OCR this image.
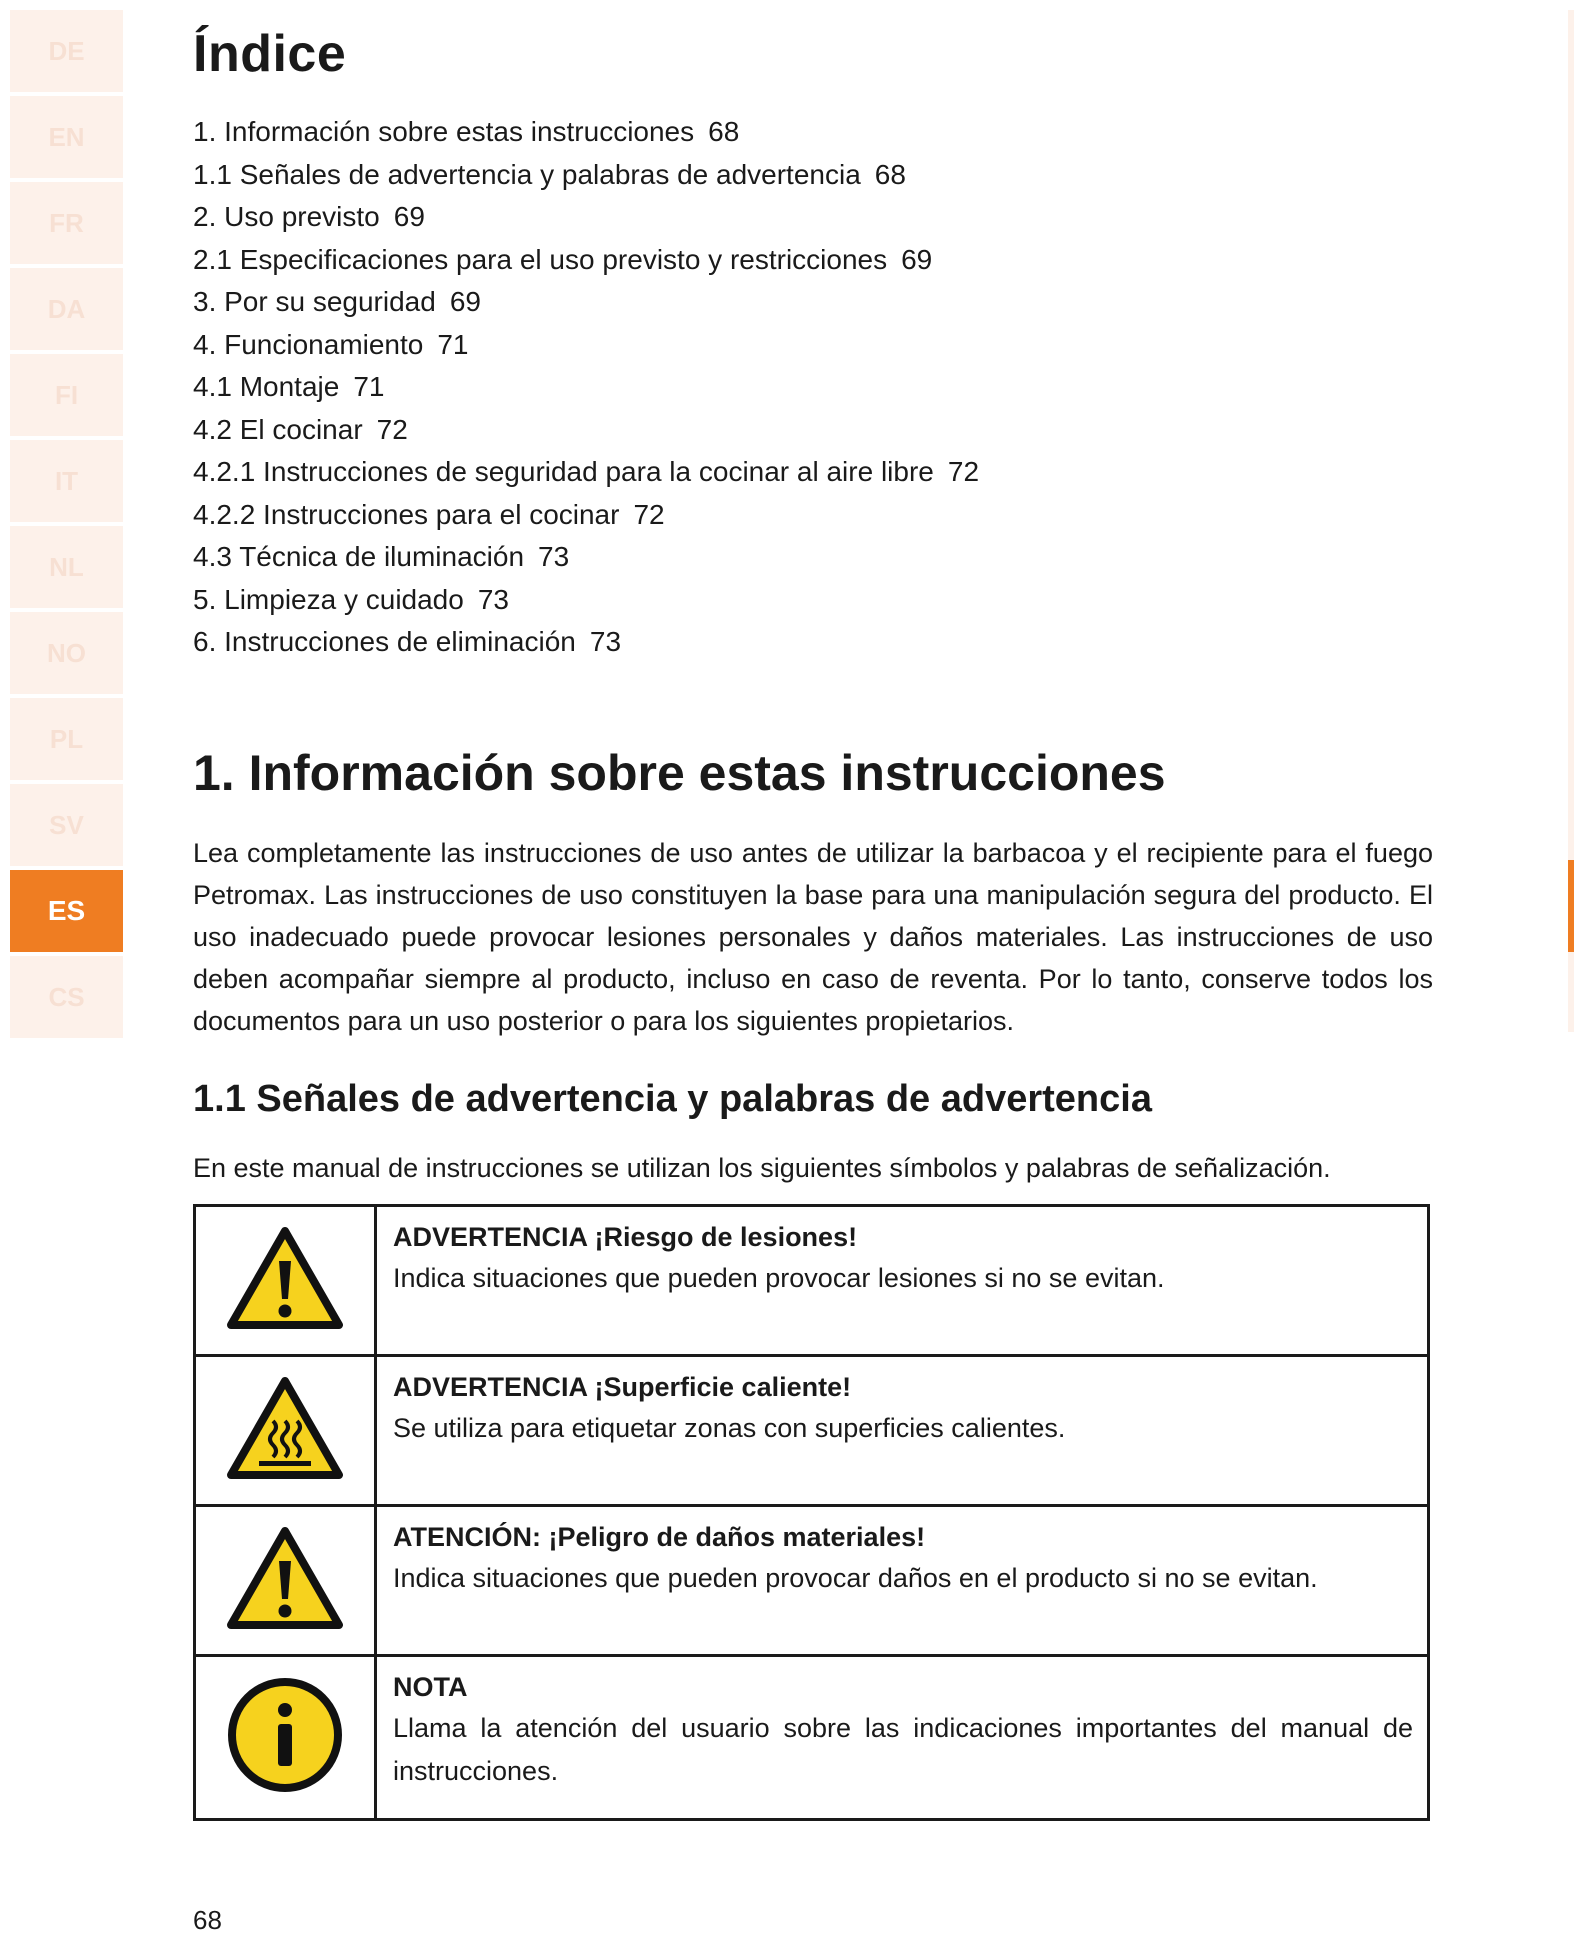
DE
EN
FR
DA
FI
IT
NL
NO
PL
SV
ES
CS
Índice
1. Información sobre estas instrucciones 68
1.1 Señales de advertencia y palabras de advertencia 68
2. Uso previsto 69
2.1 Especificaciones para el uso previsto y restricciones 69
3. Por su seguridad 69
4. Funcionamiento 71
4.1 Montaje 71
4.2 El cocinar 72
4.2.1 Instrucciones de seguridad para la cocinar al aire libre 72
4.2.2 Instrucciones para el cocinar 72
4.3 Técnica de iluminación 73
5. Limpieza y cuidado 73
6. Instrucciones de eliminación 73
1. Información sobre estas instrucciones

Lea completamente las instrucciones de uso antes de utilizar la barbacoa y el recipiente para el fuego Petromax. Las instrucciones de uso constituyen la base para una manipulación segura del producto. El uso inadecuado puede provocar lesiones personales y daños materiales. Las instrucciones de uso deben acompañar siempre al producto, incluso en caso de reventa. Por lo tanto, conserve todos los documentos para un uso posterior o para los siguientes propietarios.

1.1 Señales de advertencia y palabras de advertencia

En este manual de instrucciones se utilizan los siguientes símbolos y palabras de señalización.

ADVERTENCIA ¡Riesgo de lesiones!
Indica situaciones que pueden provocar lesiones si no se evitan.

ADVERTENCIA ¡Superficie caliente!
Se utiliza para etiquetar zonas con superficies calientes.

ATENCIÓN: ¡Peligro de daños materiales!
Indica situaciones que pueden provocar daños en el producto si no se evitan.

NOTA
Llama la atención del usuario sobre las indicaciones importantes del manual de instrucciones.
68
